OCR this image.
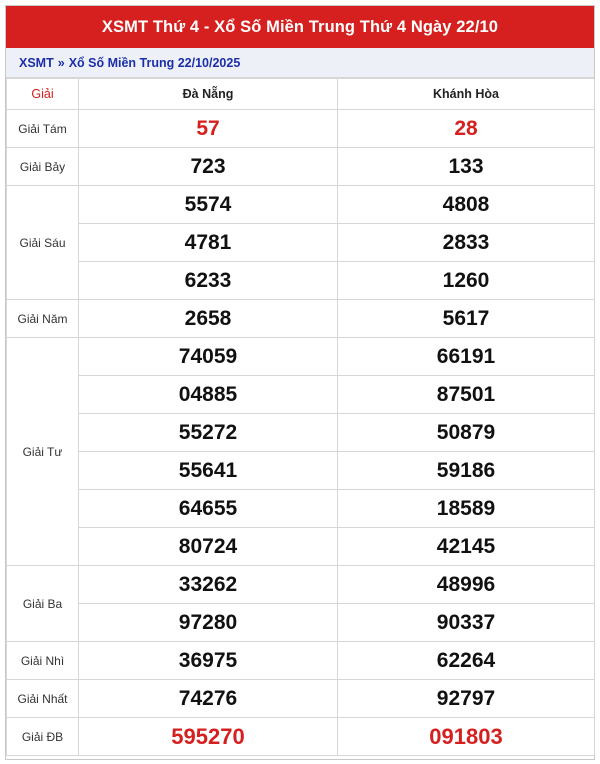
XSMT Thứ 4 - Xổ Số Miền Trung Thứ 4 Ngày 22/10
XSMT » Xổ Số Miền Trung 22/10/2025
Giải	Đà Nẵng	Khánh Hòa
Giải Tám	57	28
Giải Bảy	723	133
Giải Sáu	5574	4808
	4781	2833
	6233	1260
Giải Năm	2658	5617
Giải Tư	74059	66191
	04885	87501
	55272	50879
	55641	59186
	64655	18589
	80724	42145
Giải Ba	33262	48996
	97280	90337
Giải Nhì	36975	62264
Giải Nhất	74276	92797
Giải ĐB	595270	091803
